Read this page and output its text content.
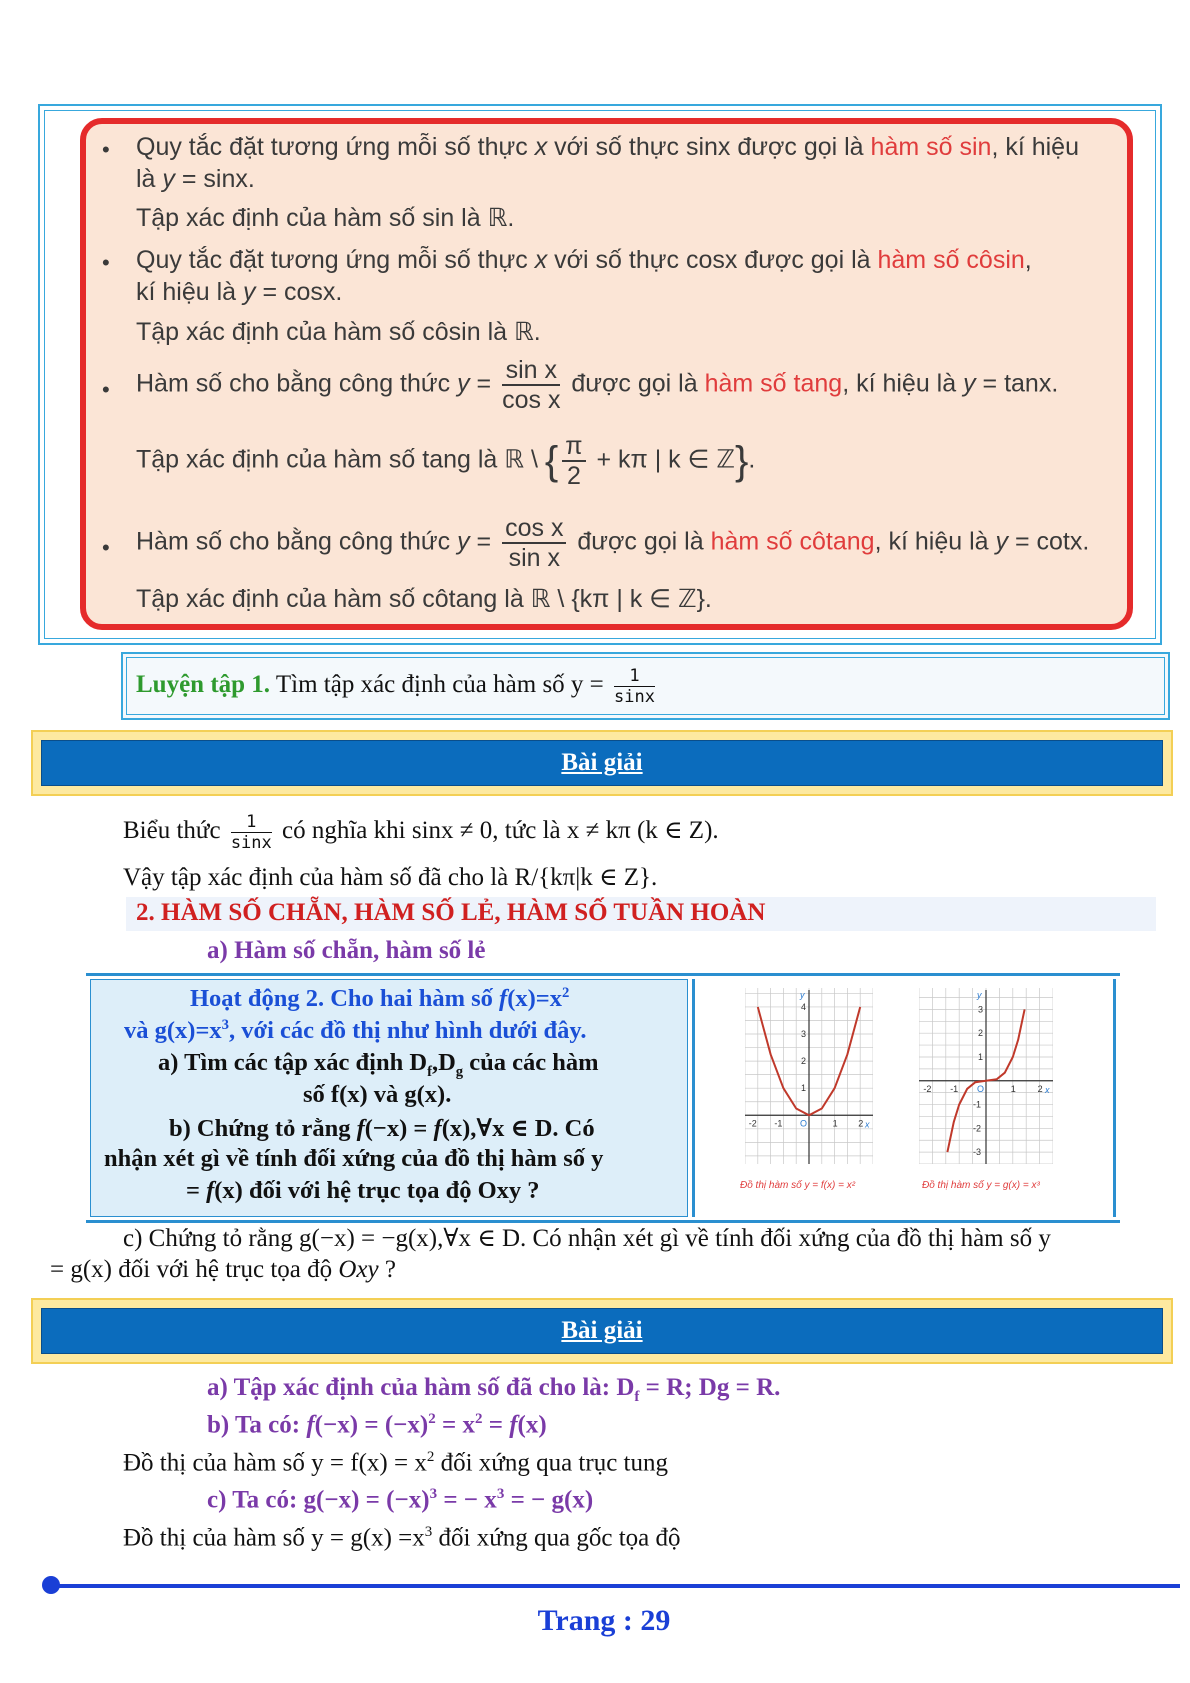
• Quy tắc đặt tương ứng mỗi số thực x với số thực sinx được gọi là hàm số sin, kí hiệu
là y = sinx.
Tập xác định của hàm số sin là ℝ.
• Quy tắc đặt tương ứng mỗi số thực x với số thực cosx được gọi là hàm số côsin,
kí hiệu là y = cosx.
Tập xác định của hàm số côsin là ℝ.
• Hàm số cho bằng công thức $y = \frac{\text{sin x}}{\text{cos x}}$ được gọi là hàm số tang, kí hiệu là y = tanx.
Tập xác định của hàm số tang là ℝ \ { $\frac{\pi}{2} + k\pi$ | k ∈ ℤ}.
• Hàm số cho bằng công thức $y = \frac{\text{cos x}}{\text{sin x}}$ được gọi là hàm số côtang, kí hiệu là y = cotx.
Tập xác định của hàm số côtang là ℝ \ {kπ | k ∈ ℤ}.
Luyện tập 1. Tìm tập xác định của hàm số $y = \frac{1}{\sin x}$
Bài giải
Biểu thức $\frac{1}{\sin x}$ có nghĩa khi sinx ≠ 0, tức là x ≠ kπ (k ∈ Z).
Vậy tập xác định của hàm số đã cho là R/{kπ|k ∈ Z}.
2. HÀM SỐ CHẴN, HÀM SỐ LẺ, HÀM SỐ TUẦN HOÀN
a) Hàm số chẵn, hàm số lẻ
Hoạt động 2. Cho hai hàm số $f(x)=x^2$
và $g(x)=x^3$, với các đồ thị như hình dưới đây.
a) Tìm các tập xác định $D_f,D_g$ của các hàm
số f(x) và g(x).
b) Chứng tỏ rằng f(−x) = f(x),∀x ∈ D. Có
nhận xét gì về tính đối xứng của đồ thị hàm số y
= f(x) đối với hệ trục tọa độ Oxy ?
x
y
-2 -1 O	1 2
1
2
3
4
x
y
-2 -1 O	1 2
-3
-2
-1
1
2
3
Đồ thị hàm số y = f(x) = x²	Đồ thị hàm số y = g(x) = x³
c) Chứng tỏ rằng g(−x) = −g(x),∀x ∈ D. Có nhận xét gì về tính đối xứng của đồ thị hàm số y
= g(x) đối với hệ trục tọa độ Oxy ?
Bài giải
a) Tập xác định của hàm số đã cho là: $D_f = R$; Dg = R.
b) Ta có: $f(-x) = (-x)^2 = x^2 = f(x)$
Đồ thị của hàm số $y = f(x) = x^2$ đối xứng qua trục tung
c) Ta có: $g(-x) = (-x)^3$ = − $x^3$ = − g(x)
Đồ thị của hàm số $y = g(x) =x^3$ đối xứng qua gốc tọa độ
Trang : 29
